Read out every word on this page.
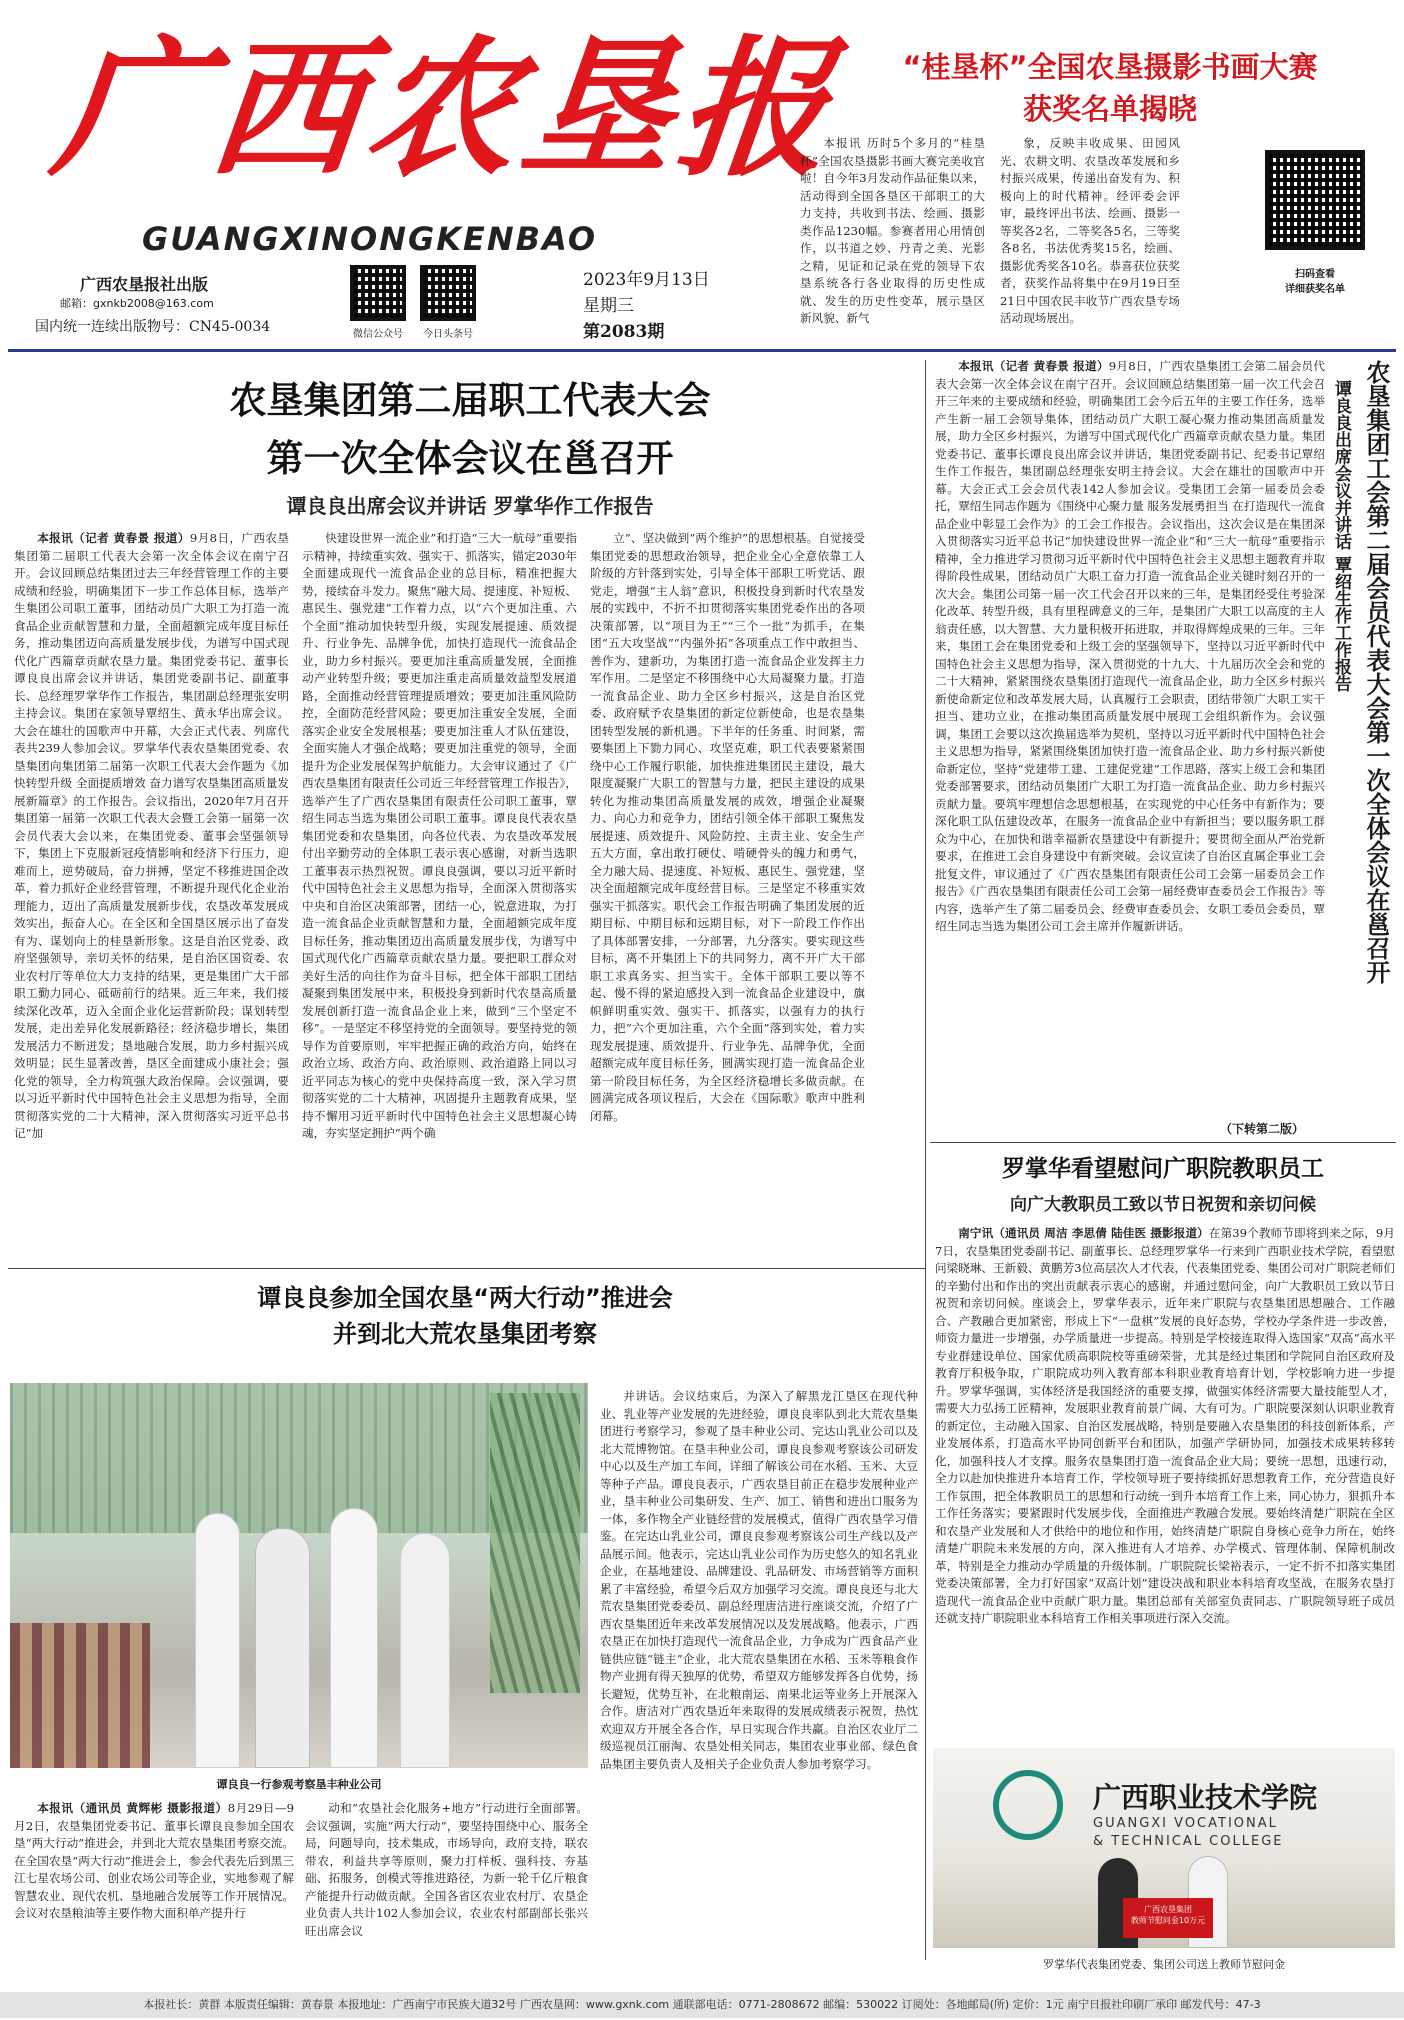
广西农垦报
GUANGXINONGKENBAO
广西农垦报社出版
邮箱：gxnkb2008@163.com
国内统一连续出版物号：CN45-0034	微信公众号	今日头条号
2023年9月13日
星期三
第2083期
“桂垦杯”全国农垦摄影书画大赛
获奖名单揭晓

本报讯 历时5个多月的“桂垦杯”全国农垦摄影书画大赛完美收官啦！自今年3月发动作品征集以来，活动得到全国各垦区干部职工的大力支持，共收到书法、绘画、摄影类作品1230幅。参赛者用心用情创作，以书道之妙、丹青之美、光影之精，见证和记录在党的领导下农垦系统各行各业取得的历史性成就、发生的历史性变革，展示垦区新风貌、新气

象，反映丰收成果、田园风光、农耕文明、农垦改革发展和乡村振兴成果，传递出奋发有为、积极向上的时代精神。经评委会评审，最终评出书法、绘画、摄影一等奖各2名，二等奖各5名，三等奖各8名，书法优秀奖15名，绘画、摄影优秀奖各10名。恭喜获位获奖者，获奖作品将集中在9月19日至21日中国农民丰收节广西农垦专场活动现场展出。

扫码查看
详细获奖名单
农垦集团第二届职工代表大会
第一次全体会议在邕召开
谭良良出席会议并讲话 罗掌华作工作报告

本报讯（记者 黄春景 报道）9月8日，广西农垦集团第二届职工代表大会第一次全体会议在南宁召开。会议回顾总结集团过去三年经营管理工作的主要成绩和经验，明确集团下一步工作总体目标，选举产生集团公司职工董事，团结动员广大职工为打造一流食品企业贡献智慧和力量，全面超额完成年度目标任务，推动集团迈向高质量发展步伐，为谱写中国式现代化广西篇章贡献农垦力量。集团党委书记、董事长谭良良出席会议并讲话，集团党委副书记、副董事长、总经理罗掌华作工作报告，集团副总经理张安明主持会议。集团在家领导覃绍生、黄永华出席会议。大会在雄壮的国歌声中开幕，大会正式代表、列席代表共239人参加会议。罗掌华代表农垦集团党委、农垦集团向集团第二届第一次职工代表大会作题为《加快转型升级 全面提质增效 奋力谱写农垦集团高质量发展新篇章》的工作报告。会议指出，2020年7月召开集团第一届第一次职工代表大会暨工会第一届第一次会员代表大会以来，在集团党委、董事会坚强领导下，集团上下克服新冠疫情影响和经济下行压力，迎难而上，逆势破局，奋力拼搏，坚定不移推进国企改革，着力抓好企业经营管理，不断提升现代化企业治理能力，迈出了高质量发展新步伐，农垦改革发展成效实出，振奋人心。在全区和全国垦区展示出了奋发有为、谋划向上的桂垦新形象。这是自治区党委、政府坚强领导，亲切关怀的结果，是自治区国资委、农业农村厅等单位大力支持的结果，更是集团广大干部职工勤力同心、砥砺前行的结果。近三年来，我们接续深化改革，迈入全面企业化运营新阶段；谋划转型发展，走出差异化发展新路径；经济稳步增长，集团发展活力不断迸发；垦地融合发展，助力乡村振兴成效明显；民生显著改善，垦区全面建成小康社会；强化党的领导，全力构筑强大政治保障。会议强调，要以习近平新时代中国特色社会主义思想为指导，全面贯彻落实党的二十大精神，深入贯彻落实习近平总书记“加

快建设世界一流企业”和打造“三大一航母”重要指示精神，持续重实效、强实干、抓落实，锚定2030年全面建成现代一流食品企业的总目标，精准把握大势，接续奋斗发力。聚焦“融大局、提速度、补短板、惠民生、强党建”工作着力点，以“六个更加注重、六个全面”推动加快转型升级，实现发展提速、质效提升、行业争先、品牌争优，加快打造现代一流食品企业，助力乡村振兴。要更加注重高质量发展，全面推动产业转型升级；要更加注重走高质量效益型发展道路，全面推动经营管理提质增效；要更加注重风险防控，全面防范经营风险；要更加注重安全发展，全面落实企业安全发展根基；要更加注重人才队伍建设，全面实施人才强企战略；要更加注重党的领导，全面提升为企业发展保驾护航能力。大会审议通过了《广西农垦集团有限责任公司近三年经营管理工作报告》，选举产生了广西农垦集团有限责任公司职工董事，覃绍生同志当选为集团公司职工董事。谭良良代表农垦集团党委和农垦集团，向各位代表、为农垦改革发展付出辛勤劳动的全体职工表示衷心感谢，对新当选职工董事表示热烈祝贺。谭良良强调，要以习近平新时代中国特色社会主义思想为指导，全面深入贯彻落实中央和自治区决策部署，团结一心，锐意进取，为打造一流食品企业贡献智慧和力量，全面超额完成年度目标任务，推动集团迈出高质量发展步伐，为谱写中国式现代化广西篇章贡献农垦力量。要把职工群众对美好生活的向往作为奋斗目标，把全体干部职工团结凝聚到集团发展中来，积极投身到新时代农垦高质量发展创新打造一流食品企业上来，做到“三个坚定不移”。一是坚定不移坚持党的全面领导。要坚持党的领导作为首要原则，牢牢把握正确的政治方向，始终在政治立场、政治方向、政治原则、政治道路上同以习近平同志为核心的党中央保持高度一致，深入学习贯彻落实党的二十大精神，巩固提升主题教育成果，坚持不懈用习近平新时代中国特色社会主义思想凝心铸魂，夯实坚定拥护“两个确

立”、坚决做到“两个维护”的思想根基。自觉接受集团党委的思想政治领导，把企业全心全意依靠工人阶级的方针落到实处，引导全体干部职工听党话、跟党走，增强“主人翁”意识，积极投身到新时代农垦发展的实践中，不折不扣贯彻落实集团党委作出的各项决策部署，以“项目为王”“三个一批”为抓手，在集团“五大攻坚战”“内强外拓”各项重点工作中敢担当、善作为、建新功，为集团打造一流食品企业发挥主力军作用。二是坚定不移围绕中心大局凝聚力量。打造一流食品企业、助力全区乡村振兴，这是自治区党委、政府赋予农垦集团的新定位新使命，也是农垦集团转型发展的新机遇。下半年的任务重、时间紧，需要集团上下勠力同心、攻坚克难，职工代表要紧紧围绕中心工作履行职能，加快推进集团民主建设，最大限度凝聚广大职工的智慧与力量，把民主建设的成果转化为推动集团高质量发展的成效，增强企业凝聚力、向心力和竞争力，团结引领全体干部职工聚焦发展提速、质效提升、风险防控、主责主业、安全生产五大方面，拿出敢打硬仗、啃硬骨头的魄力和勇气，全力融大局、提速度、补短板、惠民生、强党建，坚决全面超额完成年度经营目标。三是坚定不移重实效强实干抓落实。职代会工作报告明确了集团发展的近期目标、中期目标和远期目标，对下一阶段工作作出了具体部署安排，一分部署，九分落实。要实现这些目标，离不开集团上下的共同努力，离不开广大干部职工求真务实、担当实干。全体干部职工要以等不起、慢不得的紧迫感投入到一流食品企业建设中，旗帜鲜明重实效、强实干、抓落实，以强有力的执行力，把“六个更加注重，六个全面”落到实处，着力实现发展提速、质效提升、行业争先、品牌争优，全面超额完成年度目标任务，圆满实现打造一流食品企业第一阶段目标任务，为全区经济稳增长多做贡献。在圆满完成各项议程后，大会在《国际歌》歌声中胜利闭幕。

本报讯（记者 黄春景 报道）9月8日，广西农垦集团工会第二届会员代表大会第一次全体会议在南宁召开。会议回顾总结集团第一届一次工代会召开三年来的主要成绩和经验，明确集团工会今后五年的主要工作任务，选举产生新一届工会领导集体，团结动员广大职工凝心聚力推动集团高质量发展，助力全区乡村振兴，为谱写中国式现代化广西篇章贡献农垦力量。集团党委书记、董事长谭良良出席会议并讲话，集团党委副书记、纪委书记覃绍生作工作报告，集团副总经理张安明主持会议。大会在雄壮的国歌声中开幕。大会正式工会会员代表142人参加会议。受集团工会第一届委员会委托，覃绍生同志作题为《围绕中心聚力量 服务发展勇担当 在打造现代一流食品企业中彰显工会作为》的工会工作报告。会议指出，这次会议是在集团深入贯彻落实习近平总书记“加快建设世界一流企业”和“三大一航母”重要指示精神，全力推进学习贯彻习近平新时代中国特色社会主义思想主题教育并取得阶段性成果，团结动员广大职工奋力打造一流食品企业关键时刻召开的一次大会。集团公司第一届一次工代会召开以来的三年，是集团经受住考验深化改革、转型升级，具有里程碑意义的三年，是集团广大职工以高度的主人翁责任感，以大智慧、大力量积极开拓进取，并取得辉煌成果的三年。三年来，集团工会在集团党委和上级工会的坚强领导下，坚持以习近平新时代中国特色社会主义思想为指导，深入贯彻党的十九大、十九届历次全会和党的二十大精神，紧紧围绕农垦集团打造现代一流食品企业，助力全区乡村振兴新使命新定位和改革发展大局，认真履行工会职责，团结带领广大职工实干担当、建功立业，在推动集团高质量发展中展现工会组织新作为。会议强调，集团工会要以这次换届选举为契机，坚持以习近平新时代中国特色社会主义思想为指导，紧紧围绕集团加快打造一流食品企业、助力乡村振兴新使命新定位，坚持“党建带工建、工建促党建”工作思路，落实上级工会和集团党委部署要求，团结动员集团广大职工为打造一流食品企业、助力乡村振兴贡献力量。要筑牢理想信念思想根基，在实现党的中心任务中有新作为；要深化职工队伍建设改革，在服务一流食品企业中有新担当；要以服务职工群众为中心，在加快和谐幸福新农垦建设中有新提升；要贯彻全面从严治党新要求，在推进工会自身建设中有新突破。会议宣读了自治区直属企事业工会批复文件，审议通过了《广西农垦集团有限责任公司工会第一届委员会工作报告》《广西农垦集团有限责任公司工会第一届经费审查委员会工作报告》等内容，选举产生了第二届委员会、经费审查委员会、女职工委员会委员，覃绍生同志当选为集团公司工会主席并作履新讲话。

（下转第二版）
农垦集团工会第二届会员代表大会第一次全体会议在邕召开
谭良良出席会议并讲话 覃绍生作工作报告
罗掌华看望慰问广职院教职员工
向广大教职员工致以节日祝贺和亲切问候

南宁讯（通讯员 周洁 李思倩 陆佳医 摄影报道）在第39个教师节即将到来之际，9月7日，农垦集团党委副书记、副董事长、总经理罗掌华一行来到广西职业技术学院，看望慰问梁晓琳、王新毅、黄鹏芳3位高层次人才代表，代表集团党委、集团公司对广职院老师们的辛勤付出和作出的突出贡献表示衷心的感谢，并通过慰问金，向广大教职员工致以节日祝贺和亲切问候。座谈会上，罗掌华表示，近年来广职院与农垦集团思想融合、工作融合、产教融合更加紧密，形成上下“一盘棋”发展的良好态势，学校办学条件进一步改善，师资力量进一步增强，办学质量进一步提高。特别是学校接连取得入选国家“双高”高水平专业群建设单位、国家优质高职院校等重磅荣誉，尤其是经过集团和学院同自治区政府及教育厅积极争取，广职院成功列入教育部本科职业教育培育计划，学校影响力进一步提升。罗掌华强调，实体经济是我国经济的重要支撑，做强实体经济需要大量技能型人才，需要大力弘扬工匠精神，发展职业教育前景广阔、大有可为。广职院要深刻认识职业教育的新定位，主动融入国家、自治区发展战略，特别是要融入农垦集团的科技创新体系，产业发展体系，打造高水平协同创新平台和团队，加强产学研协同，加强技术成果转移转化，加强科技人才支撑。服务农垦集团打造一流食品企业大局；要统一思想，迅速行动，全力以赴加快推进升本培育工作，学校领导班子要持续抓好思想教育工作，充分营造良好工作氛围，把全体教职员工的思想和行动统一到升本培育工作上来，同心协力，狠抓升本工作任务落实；要紧跟时代发展步伐，全面推进产教融合发展。要始终清楚广职院在全区和农垦产业发展和人才供给中的地位和作用，始终清楚广职院自身核心竞争力所在，始终清楚广职院未来发展的方向，深入推进有人才培养、办学模式、管理体制、保障机制改革，特别是全力推动办学质量的升级体制。广职院院长梁裕表示，一定不折不扣落实集团党委决策部署，全力打好国家“双高计划”建设决战和职业本科培育攻坚战，在服务农垦打造现代一流食品企业中贡献广职力量。集团总部有关部室负责同志、广职院领导班子成员还就支持广职院职业本科培育工作相关事项进行深入交流。

广西职业技术学院
GUANGXI VOCATIONAL
& TECHNICAL COLLEGE
广西农垦集团
教师节慰问金10万元
罗掌华代表集团党委、集团公司送上教师节慰问金
谭良良参加全国农垦“两大行动”推进会
并到北大荒农垦集团考察
谭良良一行参观考察垦丰种业公司

并讲话。会议结束后，为深入了解黑龙江垦区在现代种业、乳业等产业发展的先进经验，谭良良率队到北大荒农垦集团进行考察学习，参观了垦丰种业公司、完达山乳业公司以及北大荒博物馆。在垦丰种业公司，谭良良参观考察该公司研发中心以及生产加工车间，详细了解该公司在水稻、玉米、大豆等种子产品。谭良良表示，广西农垦目前正在稳步发展种业产业，垦丰种业公司集研发、生产、加工、销售和进出口服务为一体，多作物全产业链经营的发展模式，值得广西农垦学习借鉴。在完达山乳业公司，谭良良参观考察该公司生产线以及产品展示间。他表示，完达山乳业公司作为历史悠久的知名乳业企业，在基地建设、品牌建设、乳品研发、市场营销等方面积累了丰富经验，希望今后双方加强学习交流。谭良良还与北大荒农垦集团党委委员、副总经理唐洁进行座谈交流，介绍了广西农垦集团近年来改革发展情况以及发展战略。他表示，广西农垦正在加快打造现代一流食品企业，力争成为广西食品产业链供应链“链主”企业，北大荒农垦集团在水稻、玉米等粮食作物产业拥有得天独厚的优势，希望双方能够发挥各自优势，扬长避短，优势互补，在北粮南运、南果北运等业务上开展深入合作。唐洁对广西农垦近年来取得的发展成绩表示祝贺，热忱欢迎双方开展全各合作，早日实现合作共赢。自治区农业厅二级巡视员江丽淘、农垦处相关同志，集团农业事业部、绿色食品集团主要负责人及相关子企业负责人参加考察学习。

本报讯（通讯员 黄辉彬 摄影报道）8月29日—9月2日，农垦集团党委书记、董事长谭良良参加全国农垦“两大行动”推进会，并到北大荒农垦集团考察交流。在全国农垦“两大行动”推进会上，参会代表先后到黑三江七星农场公司、创业农场公司等企业，实地参观了解智慧农业、现代农机、垦地融合发展等工作开展情况。会议对农垦粮油等主要作物大面积单产提升行

动和“农垦社会化服务+地方”行动进行全面部署。会议强调，实施“两大行动”，要坚持围绕中心、服务全局，问题导向，技术集成，市场导向，政府支持，联农带农，利益共享等原则，聚力打样板、强科技、夯基础、拓服务，创模式等推进路径，为新一轮千亿斤粮食产能提升行动做贡献。全国各省区农业农村厅、农垦企业负责人共计102人参加会议，农业农村部副部长张兴旺出席会议

本报社长：黄群 本版责任编辑：黄春景 本报地址：广西南宁市民族大道32号 广西农垦网：www.gxnk.com 通联部电话：0771-2808672 邮编：530022 订阅处：各地邮局(所) 定价：1元 南宁日报社印刷厂承印 邮发代号：47-3
